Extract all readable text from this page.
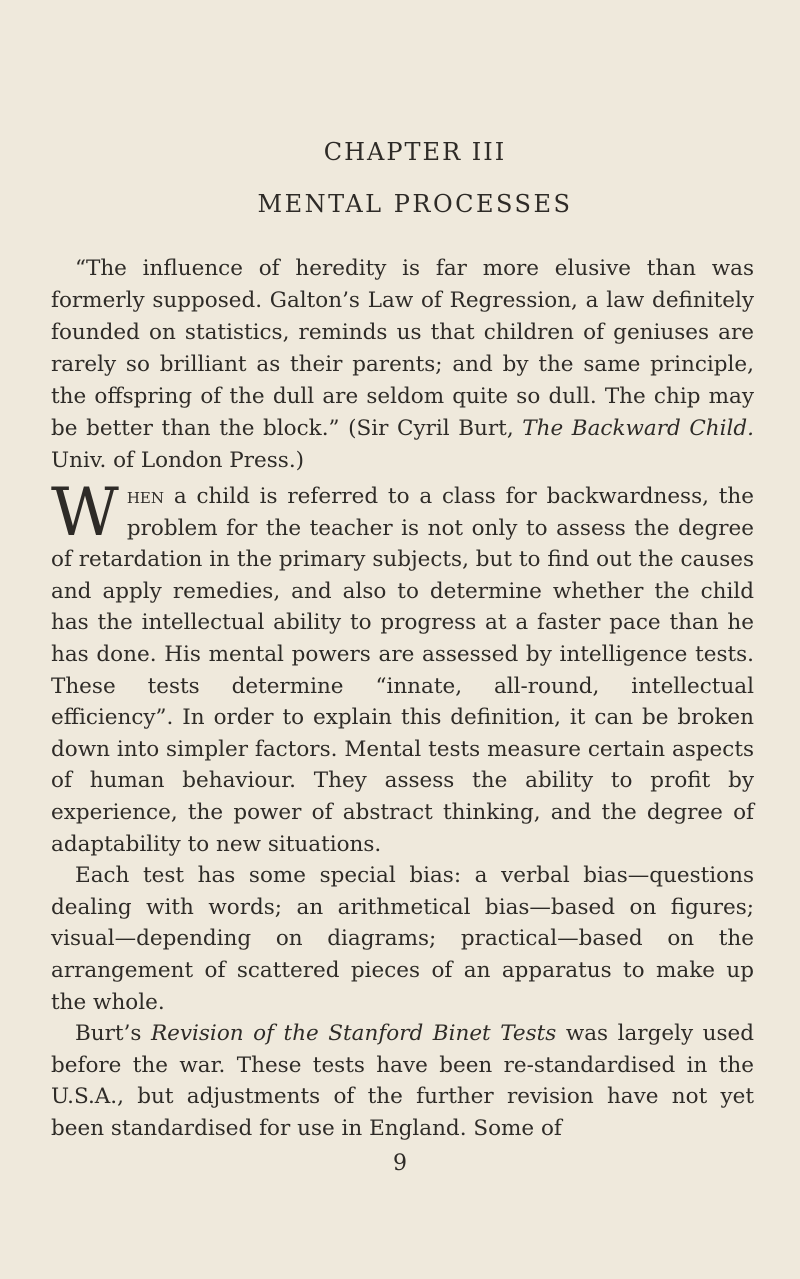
CHAPTER III
MENTAL PROCESSES

“The influence of heredity is far more elusive than was formerly supposed. Galton’s Law of Regression, a law definitely founded on statistics, reminds us that children of geniuses are rarely so brilliant as their parents; and by the same principle, the offspring of the dull are seldom quite so dull. The chip may be better than the block.” (Sir Cyril Burt, The Backward Child. Univ. of London Press.)

When a child is referred to a class for backwardness, the problem for the teacher is not only to assess the degree of retardation in the primary subjects, but to find out the causes and apply remedies, and also to determine whether the child has the intellectual ability to progress at a faster pace than he has done. His mental powers are assessed by intelligence tests. These tests determine “innate, all-round, intellectual efficiency”. In order to explain this definition, it can be broken down into simpler factors. Mental tests measure certain aspects of human behaviour. They assess the ability to profit by experience, the power of abstract thinking, and the degree of adaptability to new situations.

Each test has some special bias: a verbal bias—questions dealing with words; an arithmetical bias—based on figures; visual—depending on diagrams; practical—based on the arrangement of scattered pieces of an apparatus to make up the whole.

Burt’s Revision of the Stanford Binet Tests was largely used before the war. These tests have been re-standardised in the U.S.A., but adjustments of the further revision have not yet been standardised for use in England. Some of

9
